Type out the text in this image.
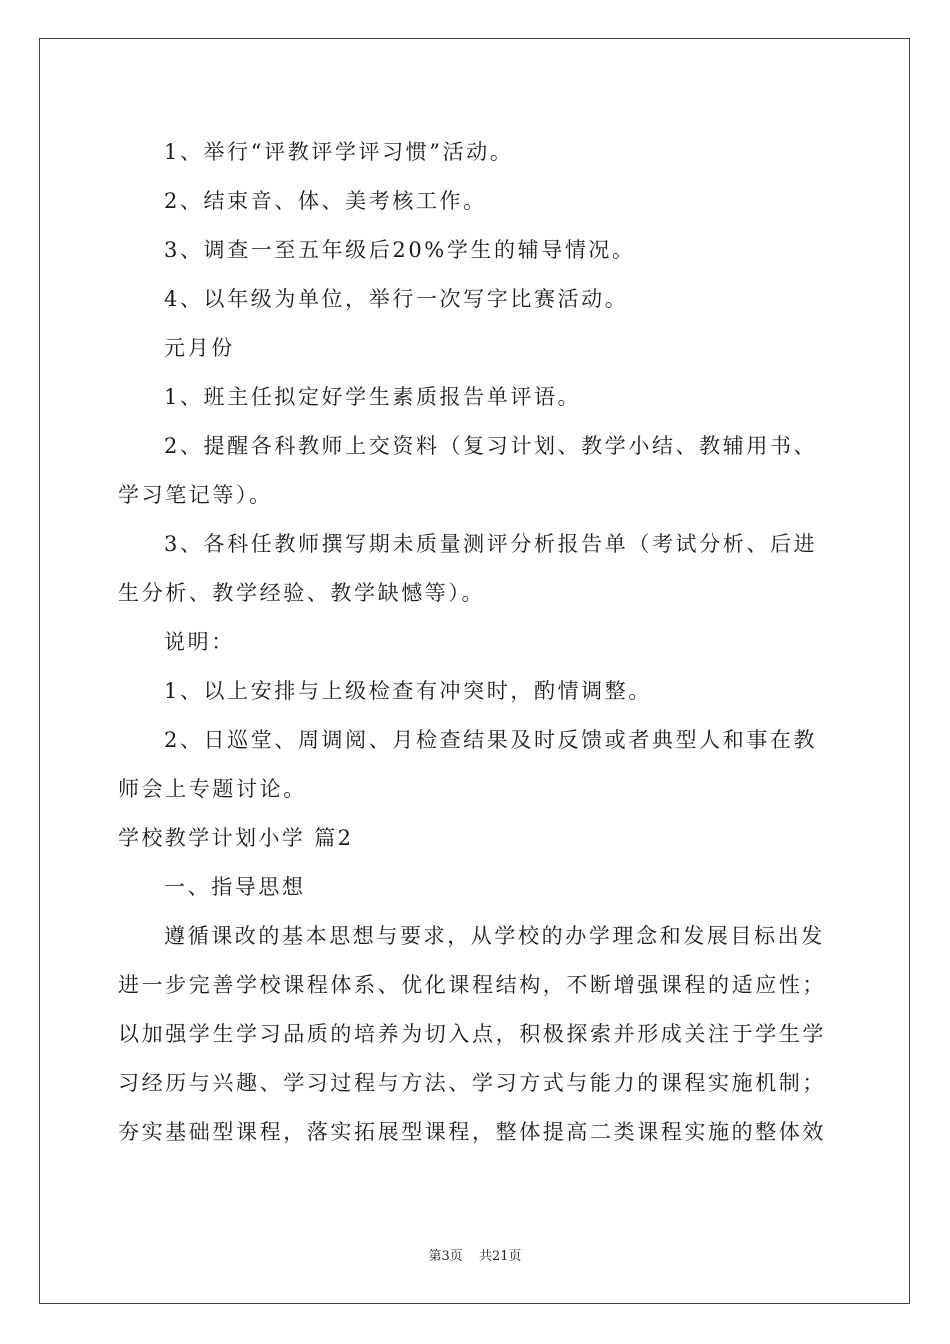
1、举行“评教评学评习惯”活动。
2、结束音、体、美考核工作。
3、调查一至五年级后20%学生的辅导情况。
4、以年级为单位，举行一次写字比赛活动。
元月份
1、班主任拟定好学生素质报告单评语。
2、提醒各科教师上交资料（复习计划、教学小结、教辅用书、
学习笔记等）。
3、各科任教师撰写期未质量测评分析报告单（考试分析、后进
生分析、教学经验、教学缺憾等）。
说明：
1、以上安排与上级检查有冲突时，酌情调整。
2、日巡堂、周调阅、月检查结果及时反馈或者典型人和事在教
师会上专题讨论。
学校教学计划小学 篇2
一、指导思想
遵循课改的基本思想与要求，从学校的办学理念和发展目标出发
进一步完善学校课程体系、优化课程结构，不断增强课程的适应性；
以加强学生学习品质的培养为切入点，积极探索并形成关注于学生学
习经历与兴趣、学习过程与方法、学习方式与能力的课程实施机制；
夯实基础型课程，落实拓展型课程，整体提高二类课程实施的整体效
第3页 共21页
